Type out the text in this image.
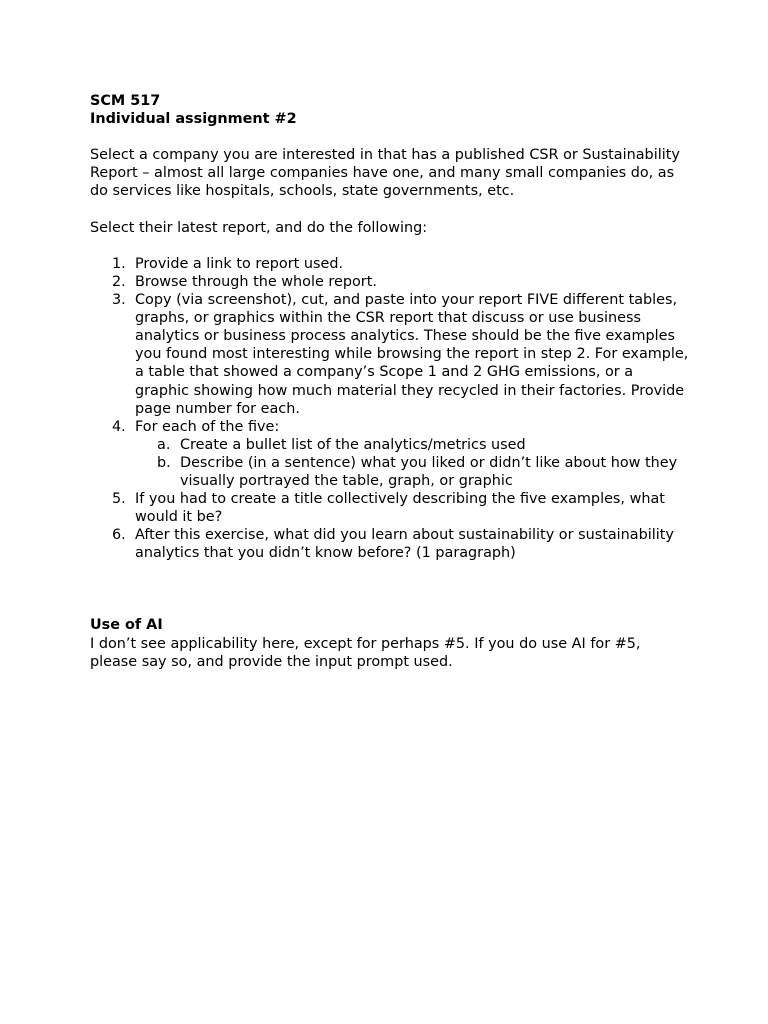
SCM 517

Individual assignment #2

Select a company you are interested in that has a published CSR or Sustainability Report – almost all large companies have one, and many small companies do, as do services like hospitals, schools, state governments, etc.

Select their latest report, and do the following:

1. Provide a link to report used.
2. Browse through the whole report.
3. Copy (via screenshot), cut, and paste into your report FIVE different tables, graphs, or graphics within the CSR report that discuss or use business analytics or business process analytics. These should be the five examples you found most interesting while browsing the report in step 2. For example, a table that showed a company’s Scope 1 and 2 GHG emissions, or a graphic showing how much material they recycled in their factories. Provide page number for each.
4. For each of the five:
a. Create a bullet list of the analytics/metrics used
b. Describe (in a sentence) what you liked or didn’t like about how they visually portrayed the table, graph, or graphic
5. If you had to create a title collectively describing the five examples, what would it be?
6. After this exercise, what did you learn about sustainability or sustainability analytics that you didn’t know before? (1 paragraph)

Use of AI

I don’t see applicability here, except for perhaps #5. If you do use AI for #5, please say so, and provide the input prompt used.
